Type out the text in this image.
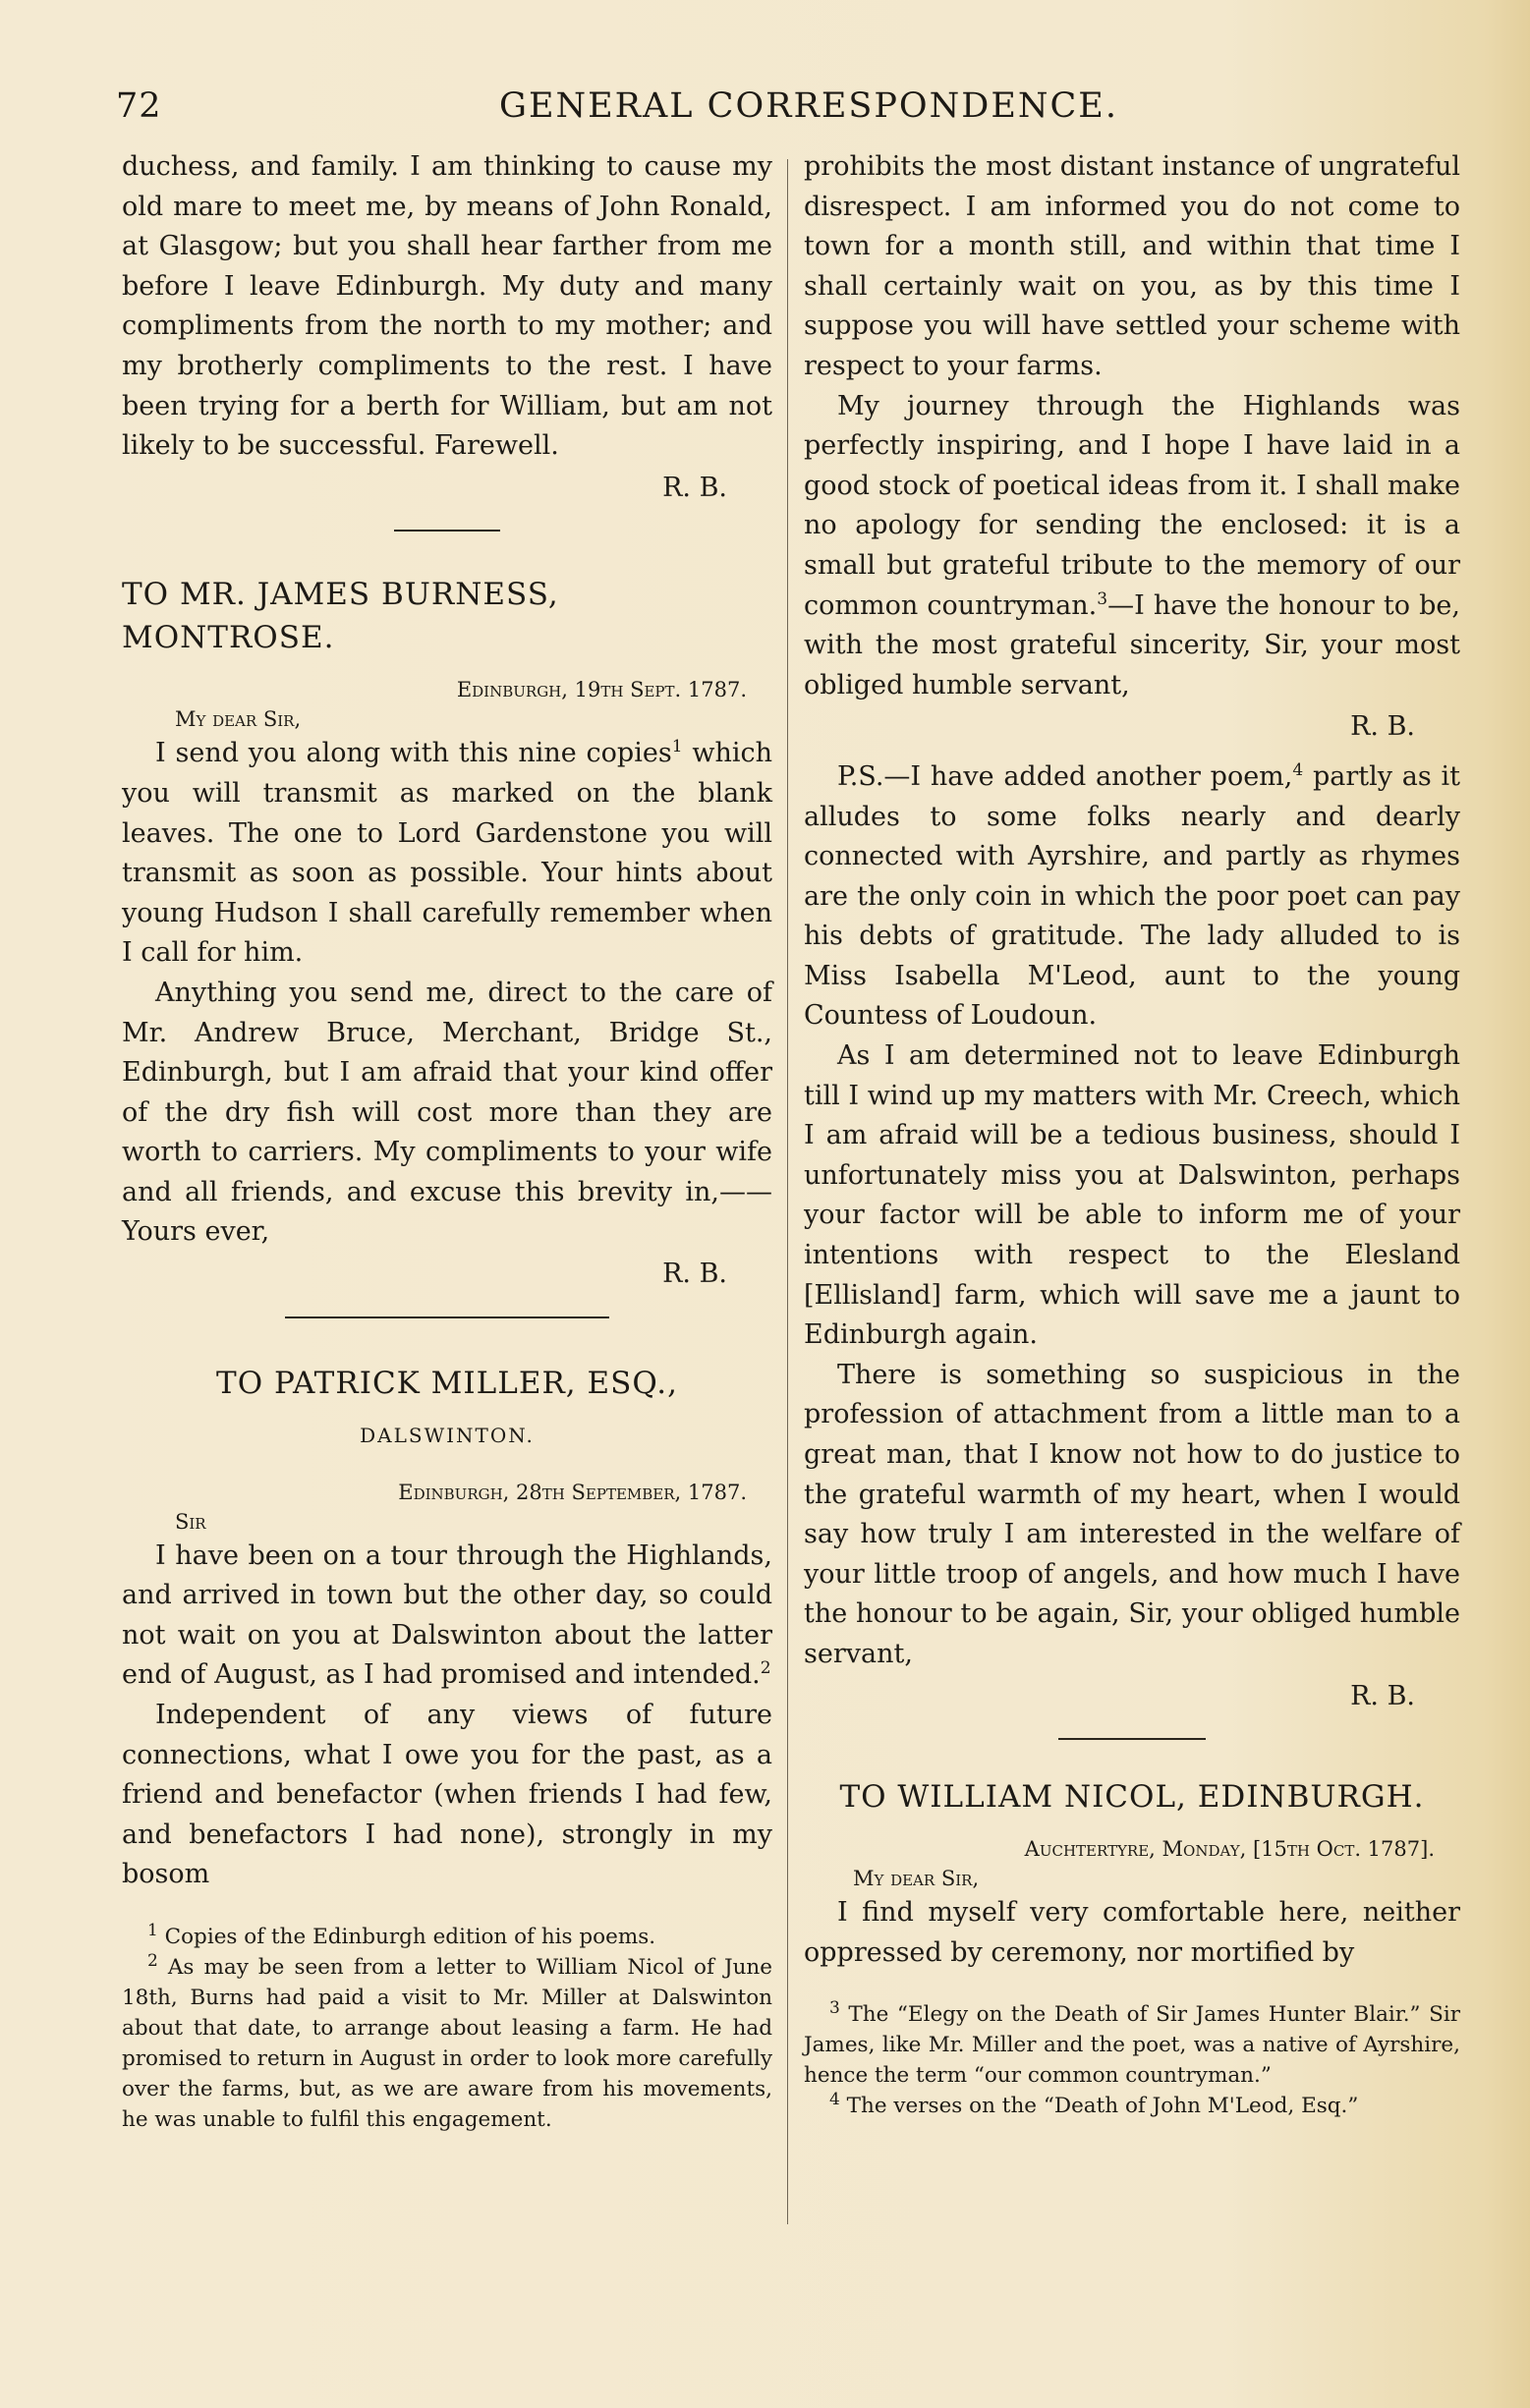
72	GENERAL CORRESPONDENCE.

duchess, and family. I am thinking to cause my old mare to meet me, by means of John Ronald, at Glasgow; but you shall hear farther from me before I leave Edinburgh. My duty and many compliments from the north to my mother; and my brotherly compliments to the rest. I have been trying for a berth for William, but am not likely to be successful. Farewell.

R. B.
TO MR. JAMES BURNESS, MONTROSE.
Edinburgh, 19th Sept. 1787.
My dear Sir,

I send you along with this nine copies$^1$ which you will transmit as marked on the blank leaves. The one to Lord Gardenstone you will transmit as soon as possible. Your hints about young Hudson I shall carefully remember when I call for him.

Anything you send me, direct to the care of Mr. Andrew Bruce, Merchant, Bridge St., Edinburgh, but I am afraid that your kind offer of the dry fish will cost more than they are worth to carriers. My compliments to your wife and all friends, and excuse this brevity in,——Yours ever,

R. B.
TO PATRICK MILLER, ESQ.,
DALSWINTON.
Edinburgh, 28th September, 1787.
Sir

I have been on a tour through the Highlands, and arrived in town but the other day, so could not wait on you at Dalswinton about the latter end of August, as I had promised and intended.$^2$

Independent of any views of future connections, what I owe you for the past, as a friend and benefactor (when friends I had few, and benefactors I had none), strongly in my bosom

$^1$ Copies of the Edinburgh edition of his poems.

$^2$ As may be seen from a letter to William Nicol of June 18th, Burns had paid a visit to Mr. Miller at Dalswinton about that date, to arrange about leasing a farm. He had promised to return in August in order to look more carefully over the farms, but, as we are aware from his movements, he was unable to fulfil this engagement.

prohibits the most distant instance of ungrateful disrespect. I am informed you do not come to town for a month still, and within that time I shall certainly wait on you, as by this time I suppose you will have settled your scheme with respect to your farms.

My journey through the Highlands was perfectly inspiring, and I hope I have laid in a good stock of poetical ideas from it. I shall make no apology for sending the enclosed: it is a small but grateful tribute to the memory of our common countryman.$^3$—I have the honour to be, with the most grateful sincerity, Sir, your most obliged humble servant,

R. B.

P.S.—I have added another poem,$^4$ partly as it alludes to some folks nearly and dearly connected with Ayrshire, and partly as rhymes are the only coin in which the poor poet can pay his debts of gratitude. The lady alluded to is Miss Isabella M'Leod, aunt to the young Countess of Loudoun.

As I am determined not to leave Edinburgh till I wind up my matters with Mr. Creech, which I am afraid will be a tedious business, should I unfortunately miss you at Dalswinton, perhaps your factor will be able to inform me of your intentions with respect to the Elesland [Ellisland] farm, which will save me a jaunt to Edinburgh again.

There is something so suspicious in the profession of attachment from a little man to a great man, that I know not how to do justice to the grateful warmth of my heart, when I would say how truly I am interested in the welfare of your little troop of angels, and how much I have the honour to be again, Sir, your obliged humble servant,

R. B.
TO WILLIAM NICOL, EDINBURGH.
Auchtertyre, Monday, [15th Oct. 1787].
My dear Sir,

I find myself very comfortable here, neither oppressed by ceremony, nor mortified by

$^3$ The “Elegy on the Death of Sir James Hunter Blair.” Sir James, like Mr. Miller and the poet, was a native of Ayrshire, hence the term “our common countryman.”

$^4$ The verses on the “Death of John M'Leod, Esq.”
